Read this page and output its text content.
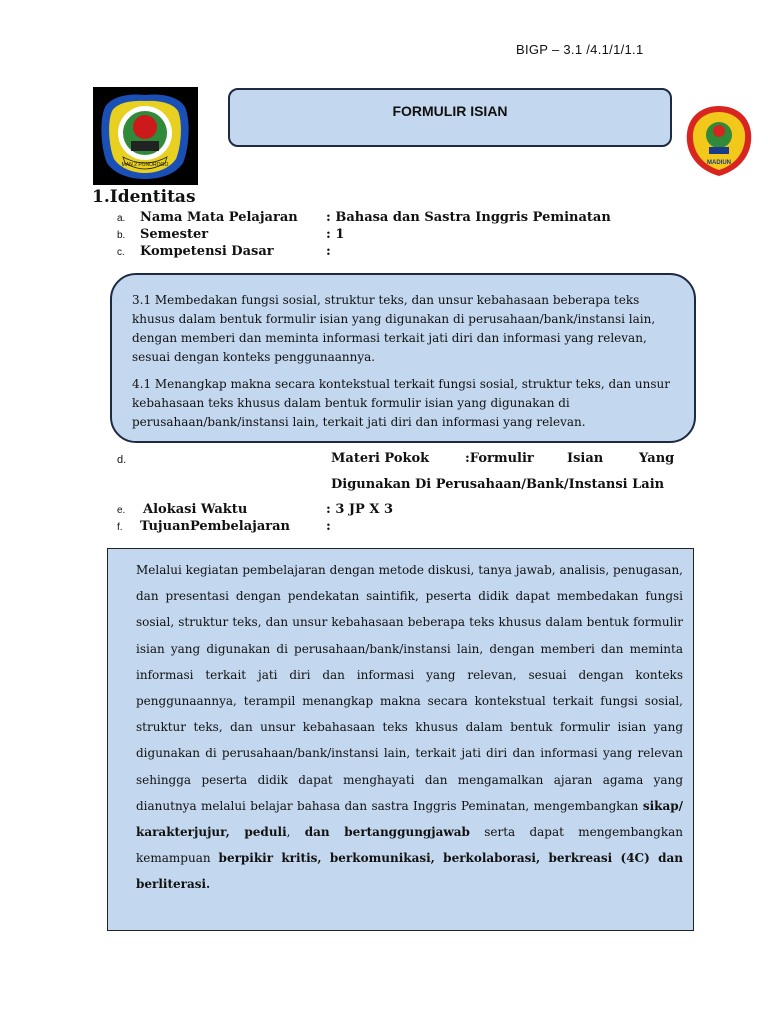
BIGP – 3.1 /4.1/1/1.1
MAN 2 PONOROGO
FORMULIR ISIAN
MADIUN
1.Identitas
a. Nama Mata Pelajaran : Bahasa dan Sastra Inggris Peminatan
b. Semester	: 1
c. Kompetensi Dasar	:

3.1 Membedakan fungsi sosial, struktur teks, dan unsur kebahasaan beberapa teks khusus dalam bentuk formulir isian yang digunakan di perusahaan/bank/instansi lain, dengan memberi dan meminta informasi terkait jati diri dan informasi yang relevan, sesuai dengan konteks penggunaannya.

4.1 Menangkap makna secara kontekstual terkait fungsi sosial, struktur teks, dan unsur kebahasaan teks khusus dalam bentuk formulir isian yang digunakan di perusahaan/bank/instansi lain, terkait jati diri dan informasi yang relevan.

d.	Materi Pokok	:Formulir	Isian	Yang
Digunakan Di Perusahaan/Bank/Instansi Lain
e. Alokasi Waktu	: 3 JP X 3
f. TujuanPembelajaran	:
Melalui kegiatan pembelajaran dengan metode diskusi, tanya jawab, analisis, penugasan, dan presentasi dengan pendekatan saintifik, peserta didik dapat membedakan fungsi sosial, struktur teks, dan unsur kebahasaan beberapa teks khusus dalam bentuk formulir isian yang digunakan di perusahaan/bank/instansi lain, dengan memberi dan meminta informasi terkait jati diri dan informasi yang relevan, sesuai dengan konteks penggunaannya, terampil menangkap makna secara kontekstual terkait fungsi sosial, struktur teks, dan unsur kebahasaan teks khusus dalam bentuk formulir isian yang digunakan di perusahaan/bank/instansi lain, terkait jati diri dan informasi yang relevan sehingga peserta didik dapat menghayati dan mengamalkan ajaran agama yang dianutnya melalui belajar bahasa dan sastra Inggris Peminatan, mengembangkan sikap/ karakterjujur, peduli, dan bertanggungjawab serta dapat mengembangkan kemampuan berpikir kritis, berkomunikasi, berkolaborasi, berkreasi (4C) dan berliterasi.
